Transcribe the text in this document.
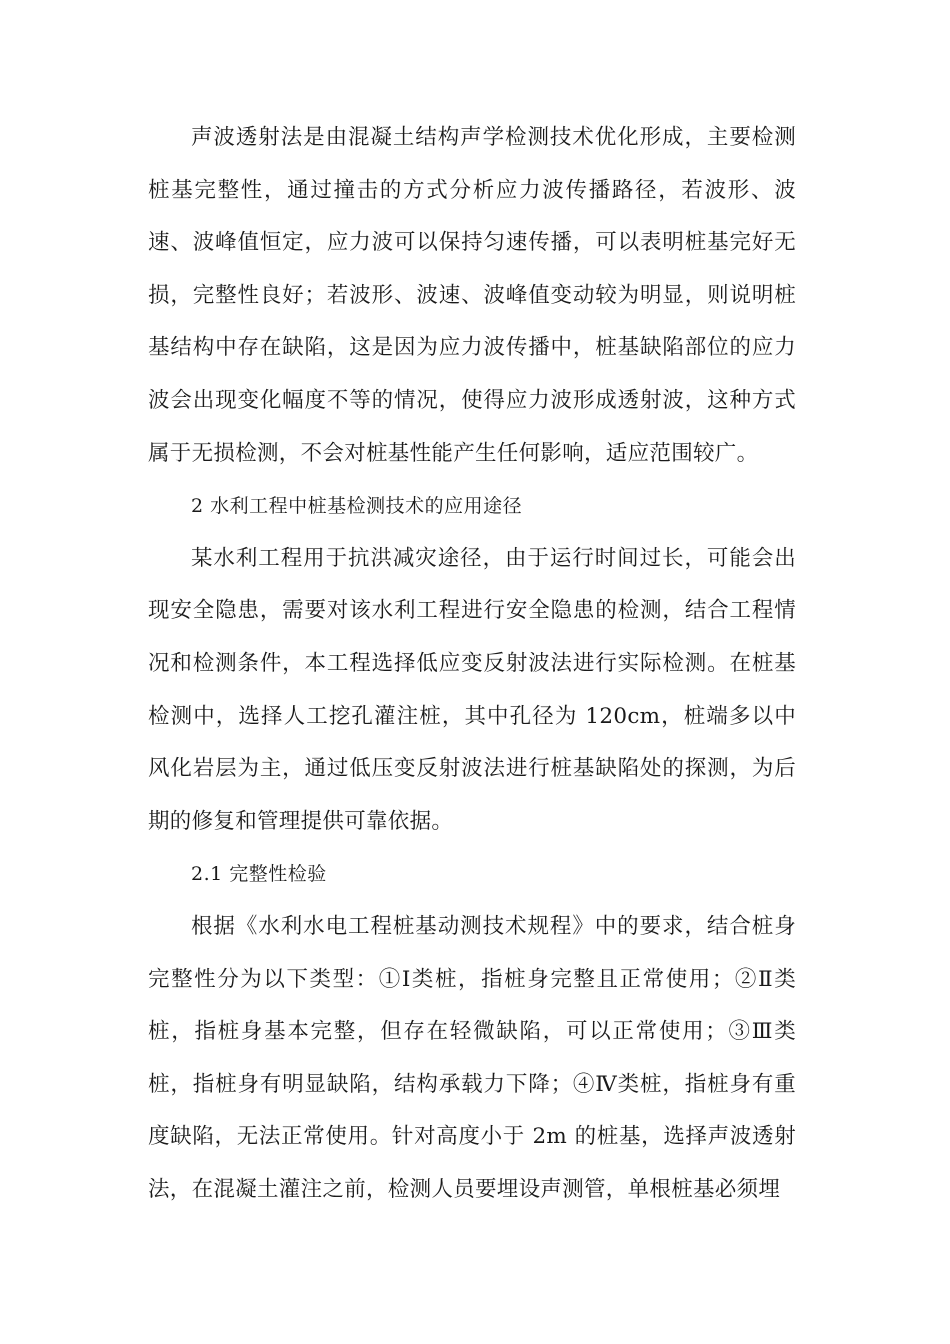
声波透射法是由混凝土结构声学检测技术优化形成，主要检测桩基完整性，通过撞击的方式分析应力波传播路径，若波形、波速、波峰值恒定，应力波可以保持匀速传播，可以表明桩基完好无损，完整性良好；若波形、波速、波峰值变动较为明显，则说明桩基结构中存在缺陷，这是因为应力波传播中，桩基缺陷部位的应力波会出现变化幅度不等的情况，使得应力波形成透射波，这种方式属于无损检测，不会对桩基性能产生任何影响，适应范围较广。

2 水利工程中桩基检测技术的应用途径

某水利工程用于抗洪减灾途径，由于运行时间过长，可能会出现安全隐患，需要对该水利工程进行安全隐患的检测，结合工程情况和检测条件，本工程选择低应变反射波法进行实际检测。在桩基检测中，选择人工挖孔灌注桩，其中孔径为 120cm，桩端多以中风化岩层为主，通过低压变反射波法进行桩基缺陷处的探测，为后期的修复和管理提供可靠依据。

2.1 完整性检验

根据《水利水电工程桩基动测技术规程》中的要求，结合桩身完整性分为以下类型：①Ⅰ类桩，指桩身完整且正常使用；②Ⅱ类桩，指桩身基本完整，但存在轻微缺陷，可以正常使用；③Ⅲ类桩，指桩身有明显缺陷，结构承载力下降；④Ⅳ类桩，指桩身有重度缺陷，无法正常使用。针对高度小于 2m 的桩基，选择声波透射法，在混凝土灌注之前，检测人员要埋设声测管，单根桩基必须埋
